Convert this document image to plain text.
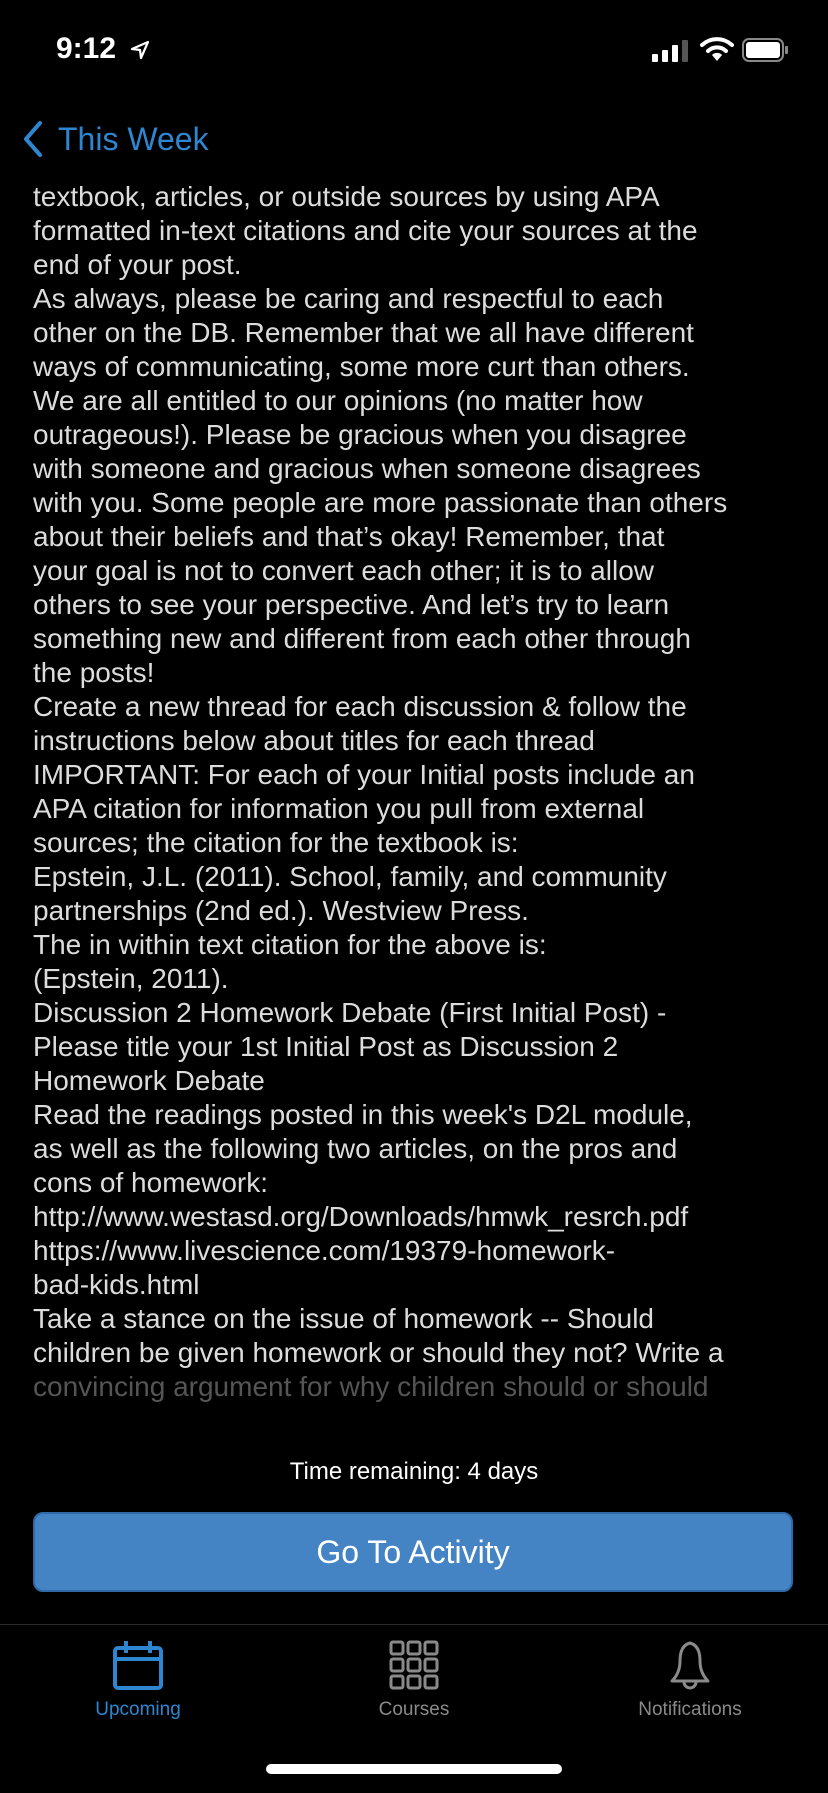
9:12
This Week
textbook, articles, or outside sources by using APA
formatted in-text citations and cite your sources at the
end of your post.
As always, please be caring and respectful to each
other on the DB. Remember that we all have different
ways of communicating, some more curt than others.
We are all entitled to our opinions (no matter how
outrageous!). Please be gracious when you disagree
with someone and gracious when someone disagrees
with you. Some people are more passionate than others
about their beliefs and that’s okay! Remember, that
your goal is not to convert each other; it is to allow
others to see your perspective. And let’s try to learn
something new and different from each other through
the posts!
Create a new thread for each discussion & follow the
instructions below about titles for each thread
IMPORTANT: For each of your Initial posts include an
APA citation for information you pull from external
sources; the citation for the textbook is:
Epstein, J.L. (2011). School, family, and community
partnerships (2nd ed.). Westview Press.
The in within text citation for the above is:
(Epstein, 2011).
Discussion 2 Homework Debate (First Initial Post) -
Please title your 1st Initial Post as Discussion 2
Homework Debate
Read the readings posted in this week's D2L module,
as well as the following two articles, on the pros and
cons of homework:
http://www.westasd.org/Downloads/hmwk_resrch.pdf
https://www.livescience.com/19379-homework-
bad-kids.html
Take a stance on the issue of homework -- Should
children be given homework or should they not? Write a
convincing argument for why children should or should
Time remaining: 4 days
Go To Activity
Upcoming	Courses	Notifications
